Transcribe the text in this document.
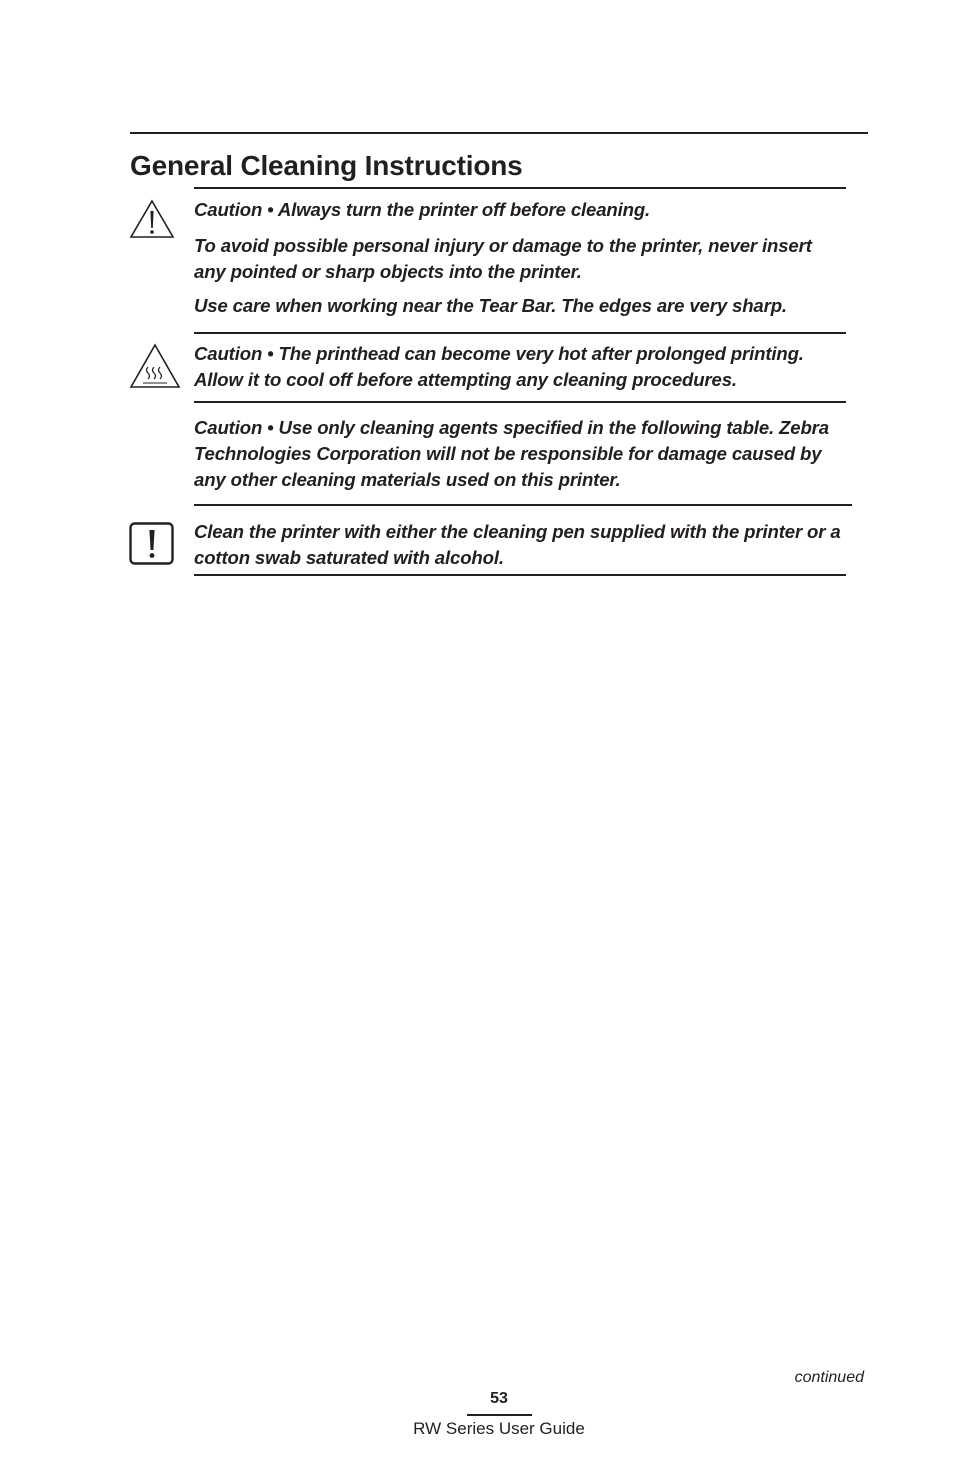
General Cleaning Instructions

Caution • Always turn the printer off before cleaning.

To avoid possible personal injury or damage to the printer, never insert any pointed or sharp objects into the printer.

Use care when working near the Tear Bar. The edges are very sharp.

Caution • The printhead can become very hot after prolonged printing. Allow it to cool off before attempting any cleaning procedures.

Caution • Use only cleaning agents specified in the following table. Zebra Technologies Corporation will not be responsible for damage caused by any other cleaning materials used on this printer.

Clean the printer with either the cleaning pen supplied with the printer or a cotton swab saturated with alcohol.

continued
53
RW Series User Guide
